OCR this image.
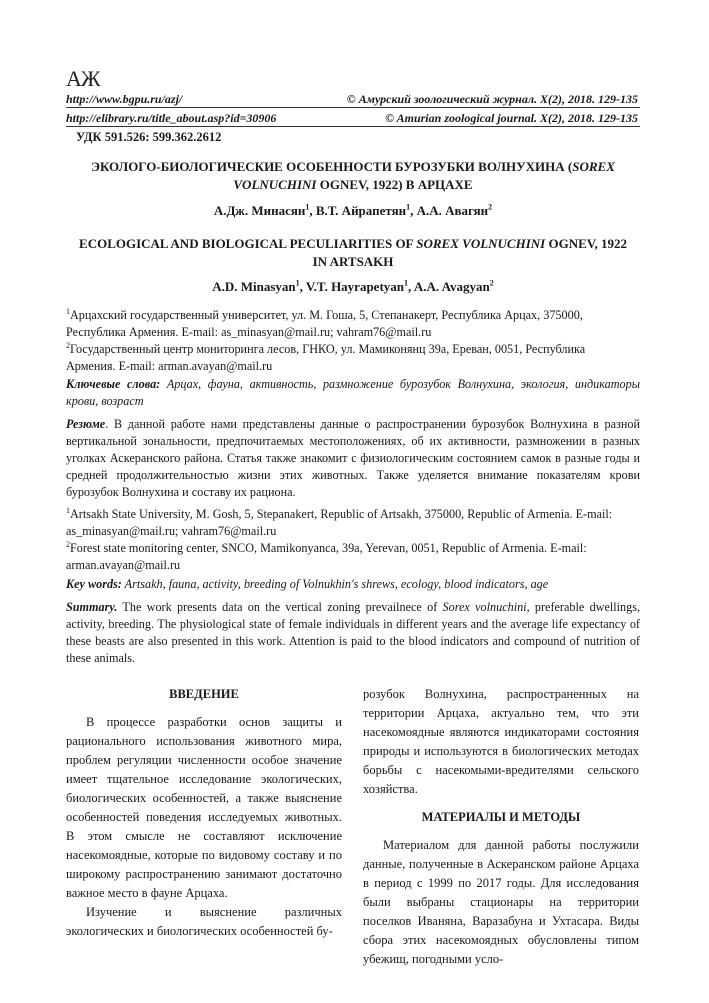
АЖ
http://www.bgpu.ru/azj/	© Амурский зоологический журнал. X(2), 2018. 129-135
http://elibrary.ru/title_about.asp?id=30906	© Amurian zoological journal. X(2), 2018. 129-135
УДК 591.526: 599.362.2612
ЭКОЛОГО-БИОЛОГИЧЕСКИЕ ОСОБЕННОСТИ БУРОЗУБКИ ВОЛНУХИНА (SOREX
VOLNUCHINI OGNEV, 1922) В АРЦАХЕ
А.Дж. Минасян$^1$, В.Т. Айрапетян$^1$, А.А. Авагян$^2$
ECOLOGICAL AND BIOLOGICAL PECULIARITIES OF SOREX VOLNUCHINI OGNEV, 1922
IN ARTSAKH
A.D. Minasyan$^1$, V.T. Hayrapetyan$^1$, A.A. Avagyan$^2$
$^1$Арцахский государственный университет, ул. М. Гоша, 5, Степанакерт, Республика Арцах, 375000,
Республика Армения. E-mail: as_minasyan@mail.ru; vahram76@mail.ru
$^2$Государственный центр мониторинга лесов, ГНКО, ул. Мамиконянц 39а, Ереван, 0051, Республика
Армения. E-mail: arman.avayan@mail.ru
Ключевые слова: Арцах, фауна, активность, размножение бурозубок Волнухина, экология, индикаторы крови, возраст
Резюме. В данной работе нами представлены данные о распространении бурозубок Волнухина в разной вертикальной зональности, предпочитаемых местоположениях, об их активности, размножении в разных уголках Аскеранского района. Статья также знакомит с физиологическим состоянием самок в разные годы и средней продолжительностью жизни этих животных. Также уделяется внимание показателям крови бурозубок Волнухина и составу их рациона.
$^1$Artsakh State University, M. Gosh, 5, Stepanakert, Republic of Artsakh, 375000, Republic of Armenia. E-mail:
as_minasyan@mail.ru; vahram76@mail.ru
$^2$Forest state monitoring center, SNCO, Mamikonyanca, 39a, Yerevan, 0051, Republic of Armenia. E-mail:
arman.avayan@mail.ru
Key words: Artsakh, fauna, activity, breeding of Volnukhin's shrews, ecology, blood indicators, age
Summary. The work presents data on the vertical zoning prevailnece of Sorex volnuchini, preferable dwellings, activity, breeding. The physiological state of female individuals in different years and the average life expectancy of these beasts are also presented in this work. Attention is paid to the blood indicators and compound of nutrition of these animals.
ВВЕДЕНИЕ

В процессе разработки основ защиты и рационального использования животного мира, проблем регуляции численности особое значение имеет тщательное исследование экологических, биологических особенностей, а также выяснение особенностей поведения исследуемых животных. В этом смысле не составляют исключение насекомоядные, которые по видовому составу и по широкому распространению занимают достаточно важное место в фауне Арцаха.

Изучение и выяснение различных экологических и биологических особенностей бу-

розубок Волнухина, распространенных на территории Арцаха, актуально тем, что эти насекомоядные являются индикаторами состояния природы и используются в биологических методах борьбы с насекомыми-вредителями сельского хозяйства.

МАТЕРИАЛЫ И МЕТОДЫ

Материалом для данной работы послужили данные, полученные в Аскеранском районе Арцаха в период с 1999 по 2017 годы. Для исследования были выбраны стационары на территории поселков Иваняна, Варазабуна и Ухтасара. Виды сбора этих насекомоядных обусловлены типом убежищ, погодными усло-
